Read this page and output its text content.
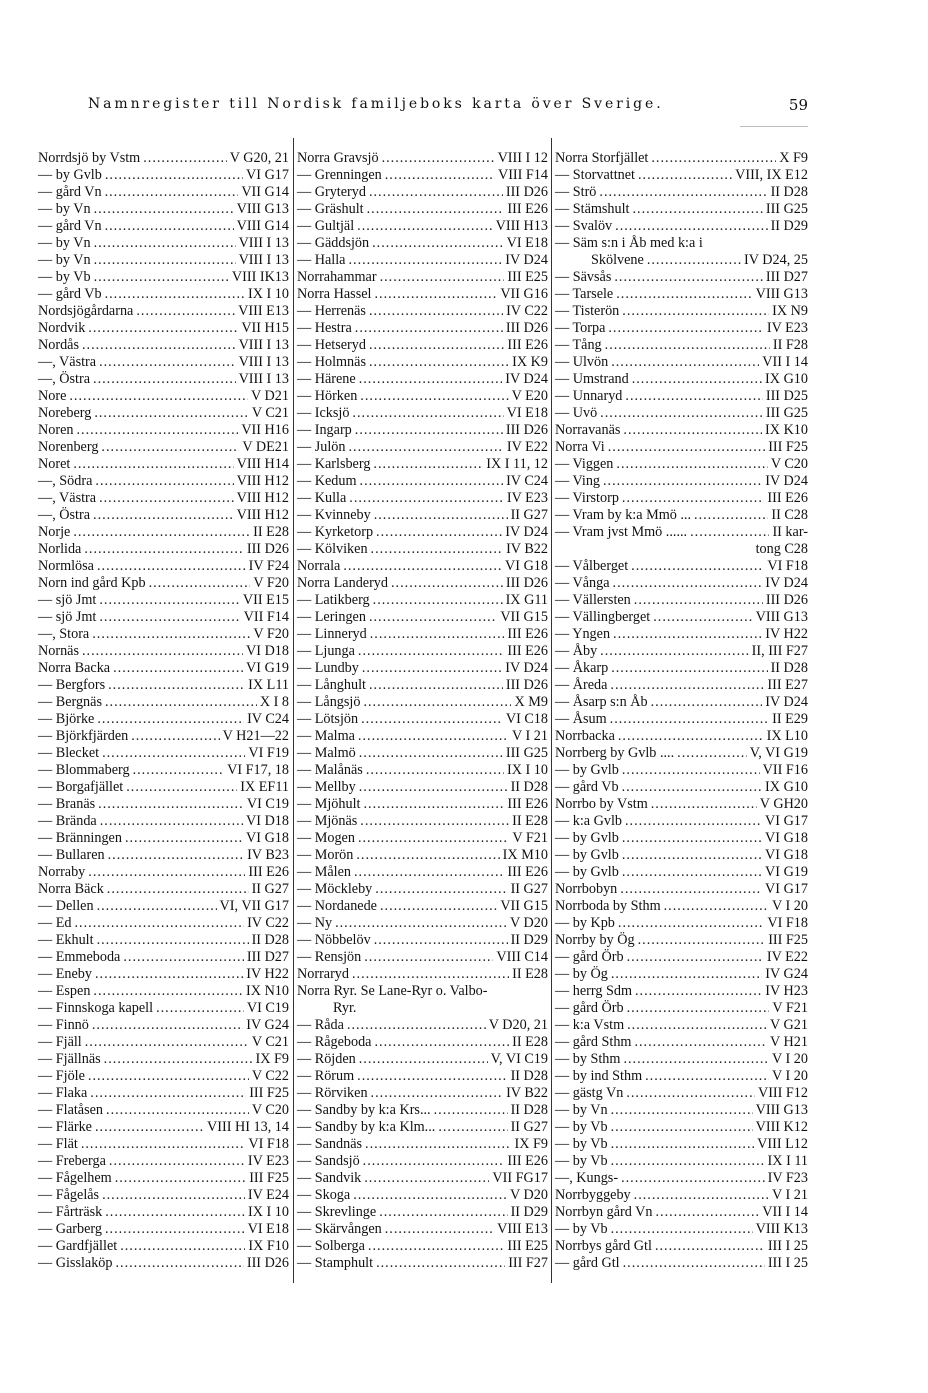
Namnregister till Nordisk familjeboks karta över Sverige.	59
Norrdsjö by Vstm .....	V G20, 21
— by Gvlb .....	VI G17
— gård Vn .....	VII G14
— by Vn .....	VIII G13
— gård Vn .....	VIII G14
— by Vn .....	VIII I 13
— by Vn .....	VIII I 13
— by Vb .....	VIII IK13
— gård Vb .....	IX I 10
Nordsjögårdarna .....	VIII E13
Nordvik .....	VII H15
Nordås .....	VIII I 13
—, Västra .....	VIII I 13
—, Östra .....	VIII I 13
Nore .....	V D21
Noreberg .....	V C21
Noren .....	VII H16
Norenberg .....	V DE21
Noret .....	VIII H14
—, Södra .....	VIII H12
—, Västra .....	VIII H12
—, Östra .....	VIII H12
Norje .....	II E28
Norlida .....	III D26
Normlösa .....	IV F24
Norn ind gård Kpb .....	V F20
— sjö Jmt .....	VII E15
— sjö Jmt .....	VII F14
—, Stora .....	V F20
Nornäs .....	VI D18
Norra Backa .....	VI G19
— Bergfors .....	IX L11
— Bergnäs .....	X I 8
— Björke .....	IV C24
— Björkfjärden .....	V H21—22
— Blecket .....	VI F19
— Blommaberg .....	VI F17, 18
— Borgafjället .....	IX EF11
— Branäs .....	VI C19
— Brända .....	VI D18
— Bränningen .....	VI G18
— Bullaren .....	IV B23
Norraby .....	III E26
Norra Bäck .....	II G27
— Dellen .....	VI, VII G17
— Ed .....	IV C22
— Ekhult .....	II D28
— Emmeboda .....	III D27
— Eneby .....	IV H22
— Espen .....	IX N10
— Finnskoga kapell .....	VI C19
— Finnö .....	IV G24
— Fjäll .....	V C21
— Fjällnäs .....	IX F9
— Fjöle .....	V C22
— Flaka .....	III F25
— Flatåsen .....	V C20
— Flärke .....	VIII HI 13, 14
— Flät .....	VI F18
— Freberga .....	IV E23
— Fågelhem .....	III F25
— Fågelås .....	IV E24
— Fårträsk .....	IX I 10
— Garberg .....	VI E18
— Gardfjället .....	IX F10
— Gisslaköp .....	III D26
Norra Gravsjö .....	VIII I 12
— Grenningen .....	VIII F14
— Gryteryd .....	III D26
— Gräshult .....	III E26
— Gultjäl .....	VIII H13
— Gäddsjön .....	VI E18
— Halla .....	IV D24
Norrahammar .....	III E25
Norra Hassel .....	VII G16
— Herrenäs .....	IV C22
— Hestra .....	III D26
— Hetseryd .....	III E26
— Holmnäs .....	IX K9
— Härene .....	IV D24
— Hörken .....	V E20
— Icksjö .....	VI E18
— Ingarp .....	III D26
— Julön .....	IV E22
— Karlsberg .....	IX I 11, 12
— Kedum .....	IV C24
— Kulla .....	IV E23
— Kvinneby .....	II G27
— Kyrketorp .....	IV D24
— Kölviken .....	IV B22
Norrala .....	VI G18
Norra Landeryd .....	III D26
— Latikberg .....	IX G11
— Leringen .....	VII G15
— Linneryd .....	III E26
— Ljunga .....	III E26
— Lundby .....	IV D24
— Långhult .....	III D26
— Långsjö .....	X M9
— Lötsjön .....	VI C18
— Malma .....	V I 21
— Malmö .....	III G25
— Malånäs .....	IX I 10
— Mellby .....	II D28
— Mjöhult .....	III E26
— Mjönäs .....	II E28
— Mogen .....	V F21
— Morön .....	IX M10
— Målen .....	III E26
— Möckleby .....	II G27
— Nordanede .....	VII G15
— Ny .....	V D20
— Nöbbelöv .....	II D29
— Rensjön .....	VIII C14
Norraryd .....	II E28
Norra Ryr. Se Lane-Ryr o. Valbo-
Ryr.
— Råda .....	V D20, 21
— Rågeboda .....	II E28
— Röjden .....	V, VI C19
— Rörum .....	II D28
— Rörviken .....	IV B22
— Sandby by k:a Krs... .....	II D28
— Sandby by k:a Klm... .....	II G27
— Sandnäs .....	IX F9
— Sandsjö .....	III E26
— Sandvik .....	VII FG17
— Skoga .....	V D20
— Skrevlinge .....	II D29
— Skärvången .....	VIII E13
— Solberga .....	III E25
— Stamphult .....	III F27
Norra Storfjället .....	X F9
— Storvattnet .....	VIII, IX E12
— Strö .....	II D28
— Stämshult .....	III G25
— Svalöv .....	II D29
— Säm s:n i Åb med k:a i
Skölvene .....	IV D24, 25
— Sävsås .....	III D27
— Tarsele .....	VIII G13
— Tisterön .....	IX N9
— Torpa .....	IV E23
— Tång .....	II F28
— Ulvön .....	VII I 14
— Umstrand .....	IX G10
— Unnaryd .....	III D25
— Uvö .....	III G25
Norravanäs .....	IX K10
Norra Vi .....	III F25
— Viggen .....	V C20
— Ving .....	IV D24
— Virstorp .....	III E26
— Vram by k:a Mmö ... .....	II C28
— Vram jvst Mmö ...... .....	II kar-
tong C28
— Vålberget .....	VI F18
— Vånga .....	IV D24
— Vällersten .....	III D26
— Vällingberget .....	VIII G13
— Yngen .....	IV H22
— Åby .....	II, III F27
— Åkarp .....	II D28
— Åreda .....	III E27
— Åsarp s:n Åb .....	IV D24
— Åsum .....	II E29
Norrbacka .....	IX L10
Norrberg by Gvlb .... .....	V, VI G19
— by Gvlb .....	VII F16
— gård Vb .....	IX G10
Norrbo by Vstm .....	V GH20
— k:a Gvlb .....	VI G17
— by Gvlb .....	VI G18
— by Gvlb .....	VI G18
— by Gvlb .....	VI G19
Norrbobyn .....	VI G17
Norrboda by Sthm .....	V I 20
— by Kpb .....	VI F18
Norrby by Ög .....	III F25
— gård Örb .....	IV E22
— by Ög .....	IV G24
— herrg Sdm .....	IV H23
— gård Örb .....	V F21
— k:a Vstm .....	V G21
— gård Sthm .....	V H21
— by Sthm .....	V I 20
— by ind Sthm .....	V I 20
— gästg Vn .....	VIII F12
— by Vn .....	VIII G13
— by Vb .....	VIII K12
— by Vb .....	VIII L12
— by Vb .....	IX I 11
—, Kungs- .....	IV F23
Norrbyggeby .....	V I 21
Norrbyn gård Vn .....	VII I 14
— by Vb .....	VIII K13
Norrbys gård Gtl .....	III I 25
— gård Gtl .....	III I 25
